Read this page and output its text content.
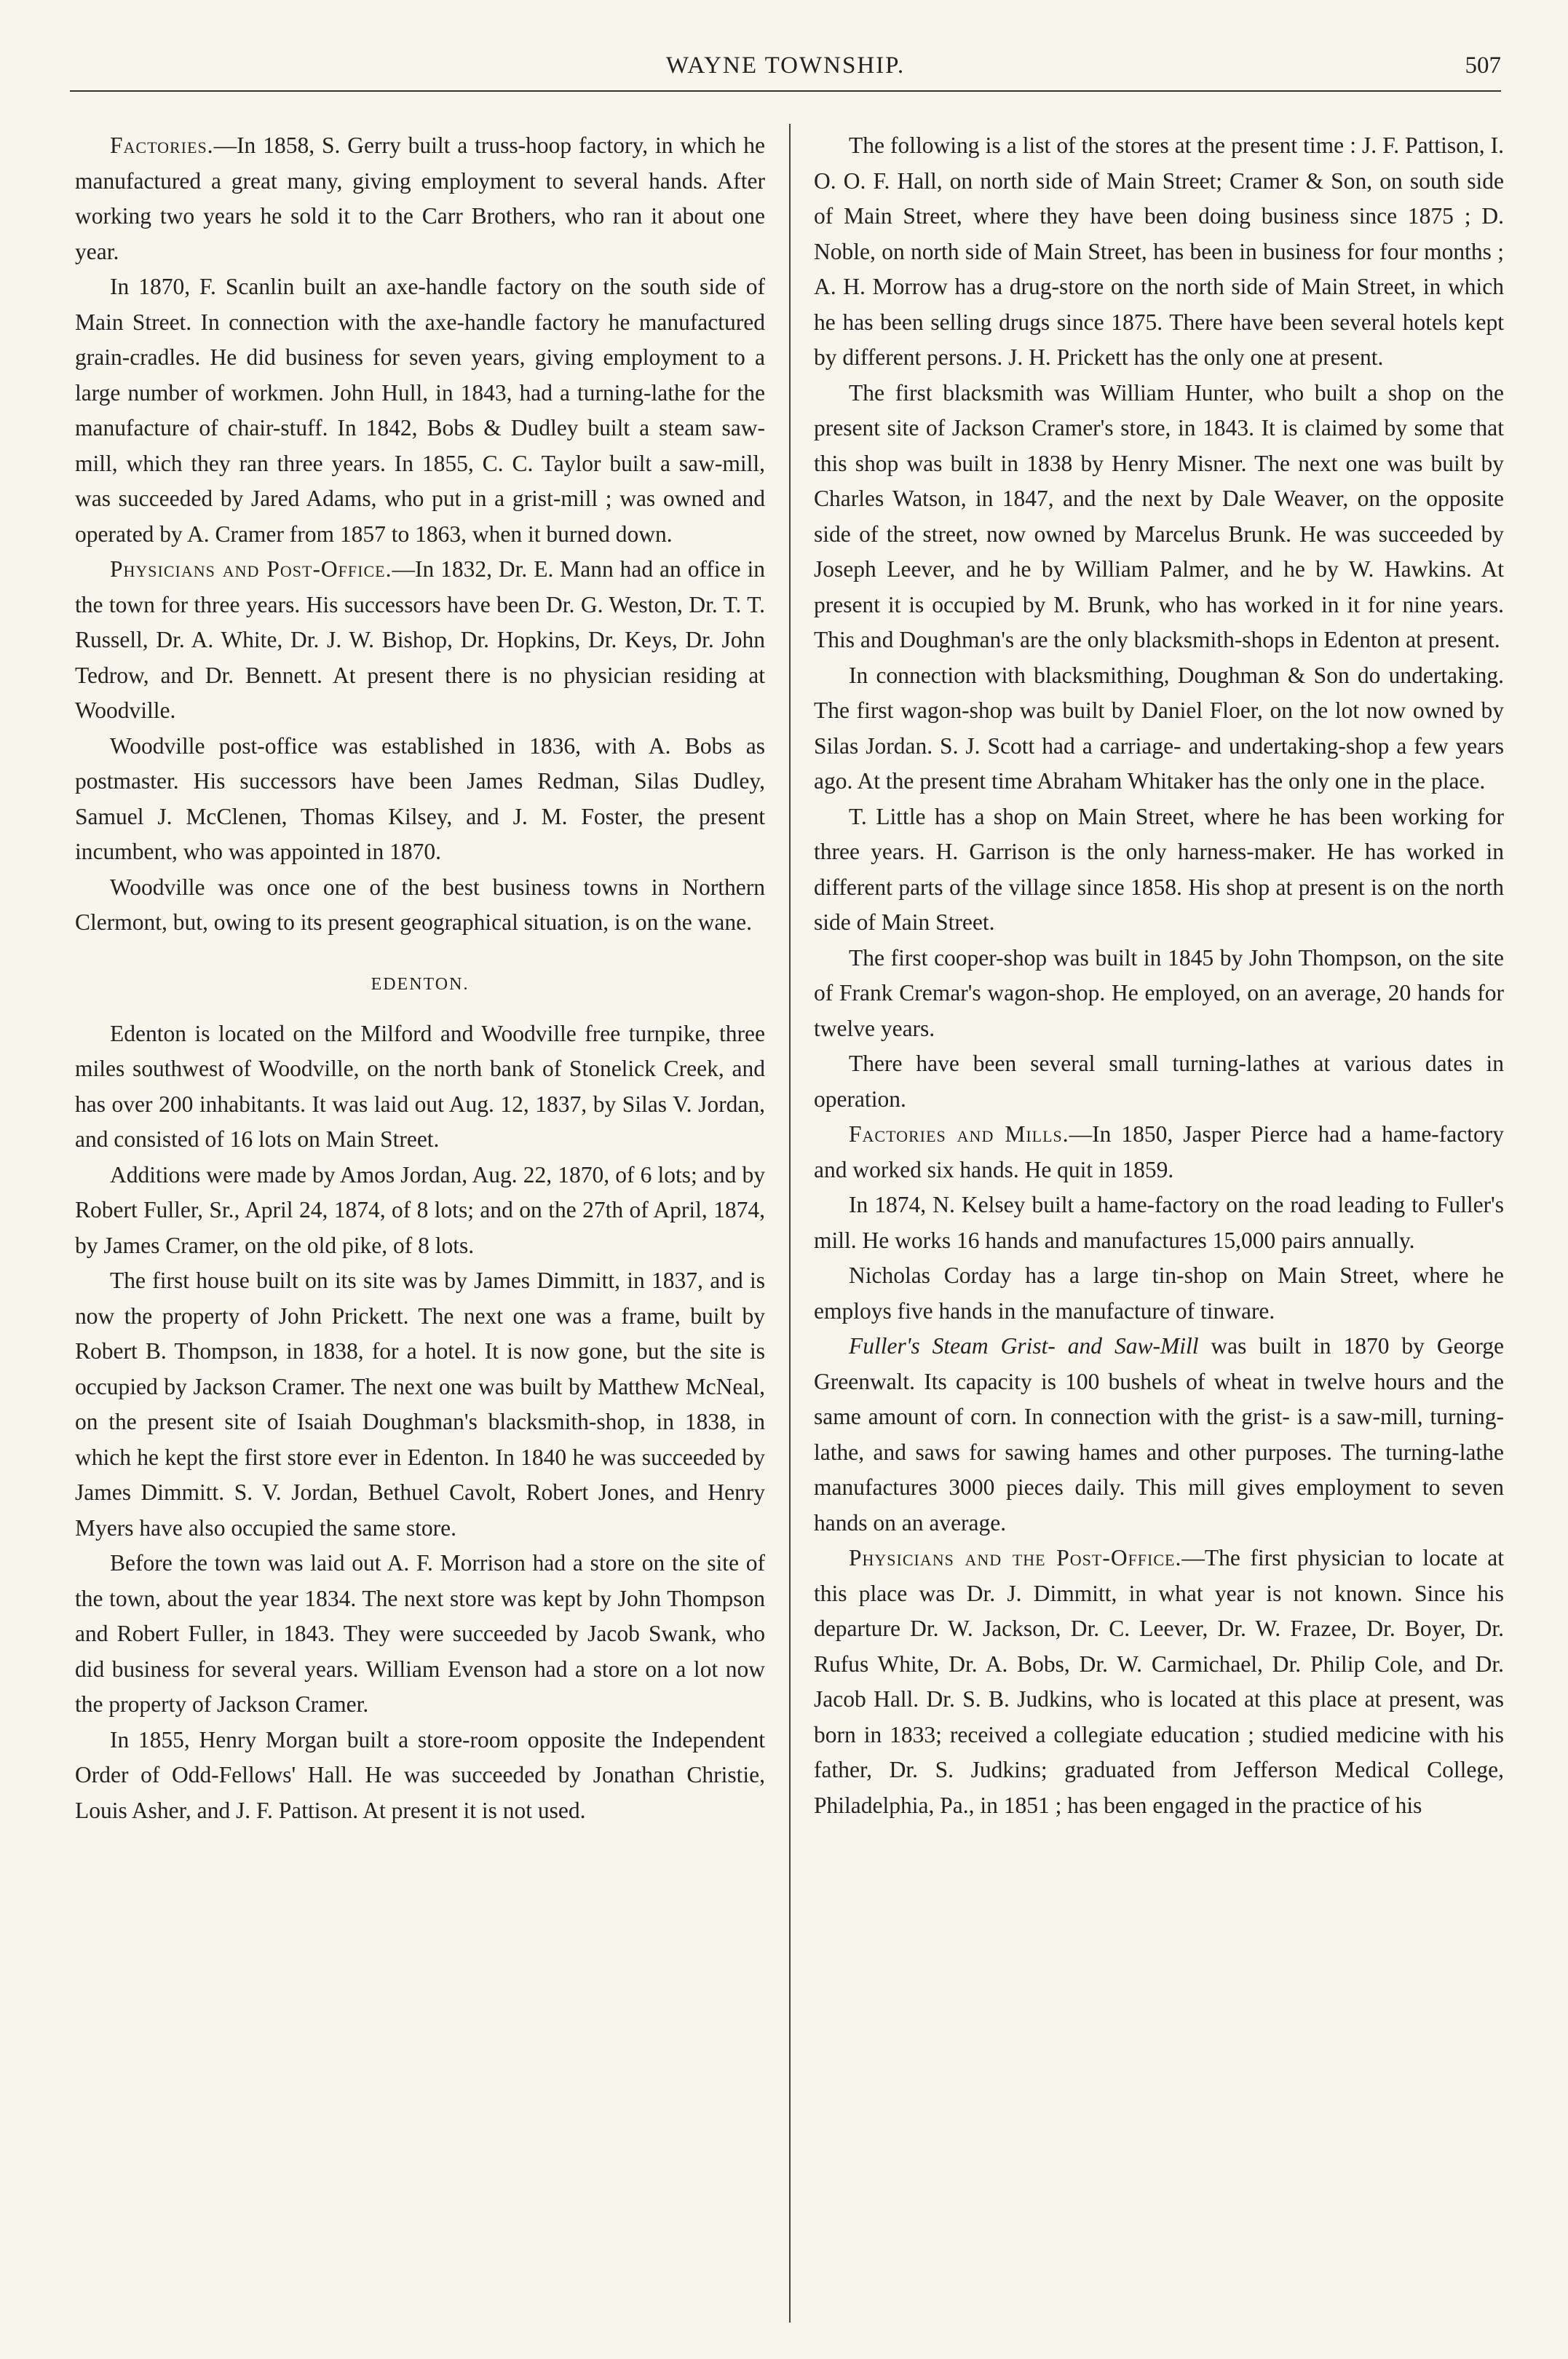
WAYNE TOWNSHIP.	507

Factories.—In 1858, S. Gerry built a truss-hoop factory, in which he manufactured a great many, giving employment to several hands. After working two years he sold it to the Carr Brothers, who ran it about one year.

In 1870, F. Scanlin built an axe-handle factory on the south side of Main Street. In connection with the axe-handle factory he manufactured grain-cradles. He did business for seven years, giving employment to a large number of workmen. John Hull, in 1843, had a turning-lathe for the manufacture of chair-stuff. In 1842, Bobs & Dudley built a steam saw-mill, which they ran three years. In 1855, C. C. Taylor built a saw-mill, was succeeded by Jared Adams, who put in a grist-mill ; was owned and operated by A. Cramer from 1857 to 1863, when it burned down.

Physicians and Post-Office.—In 1832, Dr. E. Mann had an office in the town for three years. His successors have been Dr. G. Weston, Dr. T. T. Russell, Dr. A. White, Dr. J. W. Bishop, Dr. Hopkins, Dr. Keys, Dr. John Tedrow, and Dr. Bennett. At present there is no physician residing at Woodville.

Woodville post-office was established in 1836, with A. Bobs as postmaster. His successors have been James Redman, Silas Dudley, Samuel J. McClenen, Thomas Kilsey, and J. M. Foster, the present incumbent, who was appointed in 1870.

Woodville was once one of the best business towns in Northern Clermont, but, owing to its present geographical situation, is on the wane.

EDENTON.

Edenton is located on the Milford and Woodville free turnpike, three miles southwest of Woodville, on the north bank of Stonelick Creek, and has over 200 inhabitants. It was laid out Aug. 12, 1837, by Silas V. Jordan, and consisted of 16 lots on Main Street.

Additions were made by Amos Jordan, Aug. 22, 1870, of 6 lots; and by Robert Fuller, Sr., April 24, 1874, of 8 lots; and on the 27th of April, 1874, by James Cramer, on the old pike, of 8 lots.

The first house built on its site was by James Dimmitt, in 1837, and is now the property of John Prickett. The next one was a frame, built by Robert B. Thompson, in 1838, for a hotel. It is now gone, but the site is occupied by Jackson Cramer. The next one was built by Matthew McNeal, on the present site of Isaiah Doughman's blacksmith-shop, in 1838, in which he kept the first store ever in Edenton. In 1840 he was succeeded by James Dimmitt. S. V. Jordan, Bethuel Cavolt, Robert Jones, and Henry Myers have also occupied the same store.

Before the town was laid out A. F. Morrison had a store on the site of the town, about the year 1834. The next store was kept by John Thompson and Robert Fuller, in 1843. They were succeeded by Jacob Swank, who did business for several years. William Evenson had a store on a lot now the property of Jackson Cramer.

In 1855, Henry Morgan built a store-room opposite the Independent Order of Odd-Fellows' Hall. He was succeeded by Jonathan Christie, Louis Asher, and J. F. Pattison. At present it is not used.

The following is a list of the stores at the present time : J. F. Pattison, I. O. O. F. Hall, on north side of Main Street; Cramer & Son, on south side of Main Street, where they have been doing business since 1875 ; D. Noble, on north side of Main Street, has been in business for four months ; A. H. Morrow has a drug-store on the north side of Main Street, in which he has been selling drugs since 1875. There have been several hotels kept by different persons. J. H. Prickett has the only one at present.

The first blacksmith was William Hunter, who built a shop on the present site of Jackson Cramer's store, in 1843. It is claimed by some that this shop was built in 1838 by Henry Misner. The next one was built by Charles Watson, in 1847, and the next by Dale Weaver, on the opposite side of the street, now owned by Marcelus Brunk. He was succeeded by Joseph Leever, and he by William Palmer, and he by W. Hawkins. At present it is occupied by M. Brunk, who has worked in it for nine years. This and Doughman's are the only blacksmith-shops in Edenton at present.

In connection with blacksmithing, Doughman & Son do undertaking. The first wagon-shop was built by Daniel Floer, on the lot now owned by Silas Jordan. S. J. Scott had a carriage- and undertaking-shop a few years ago. At the present time Abraham Whitaker has the only one in the place.

T. Little has a shop on Main Street, where he has been working for three years. H. Garrison is the only harness-maker. He has worked in different parts of the village since 1858. His shop at present is on the north side of Main Street.

The first cooper-shop was built in 1845 by John Thompson, on the site of Frank Cremar's wagon-shop. He employed, on an average, 20 hands for twelve years.

There have been several small turning-lathes at various dates in operation.

Factories and Mills.—In 1850, Jasper Pierce had a hame-factory and worked six hands. He quit in 1859.

In 1874, N. Kelsey built a hame-factory on the road leading to Fuller's mill. He works 16 hands and manufactures 15,000 pairs annually.

Nicholas Corday has a large tin-shop on Main Street, where he employs five hands in the manufacture of tinware.

Fuller's Steam Grist- and Saw-Mill was built in 1870 by George Greenwalt. Its capacity is 100 bushels of wheat in twelve hours and the same amount of corn. In connection with the grist- is a saw-mill, turning-lathe, and saws for sawing hames and other purposes. The turning-lathe manufactures 3000 pieces daily. This mill gives employment to seven hands on an average.

Physicians and the Post-Office.—The first physician to locate at this place was Dr. J. Dimmitt, in what year is not known. Since his departure Dr. W. Jackson, Dr. C. Leever, Dr. W. Frazee, Dr. Boyer, Dr. Rufus White, Dr. A. Bobs, Dr. W. Carmichael, Dr. Philip Cole, and Dr. Jacob Hall. Dr. S. B. Judkins, who is located at this place at present, was born in 1833; received a collegiate education ; studied medicine with his father, Dr. S. Judkins; graduated from Jefferson Medical College, Philadelphia, Pa., in 1851 ; has been engaged in the practice of his
